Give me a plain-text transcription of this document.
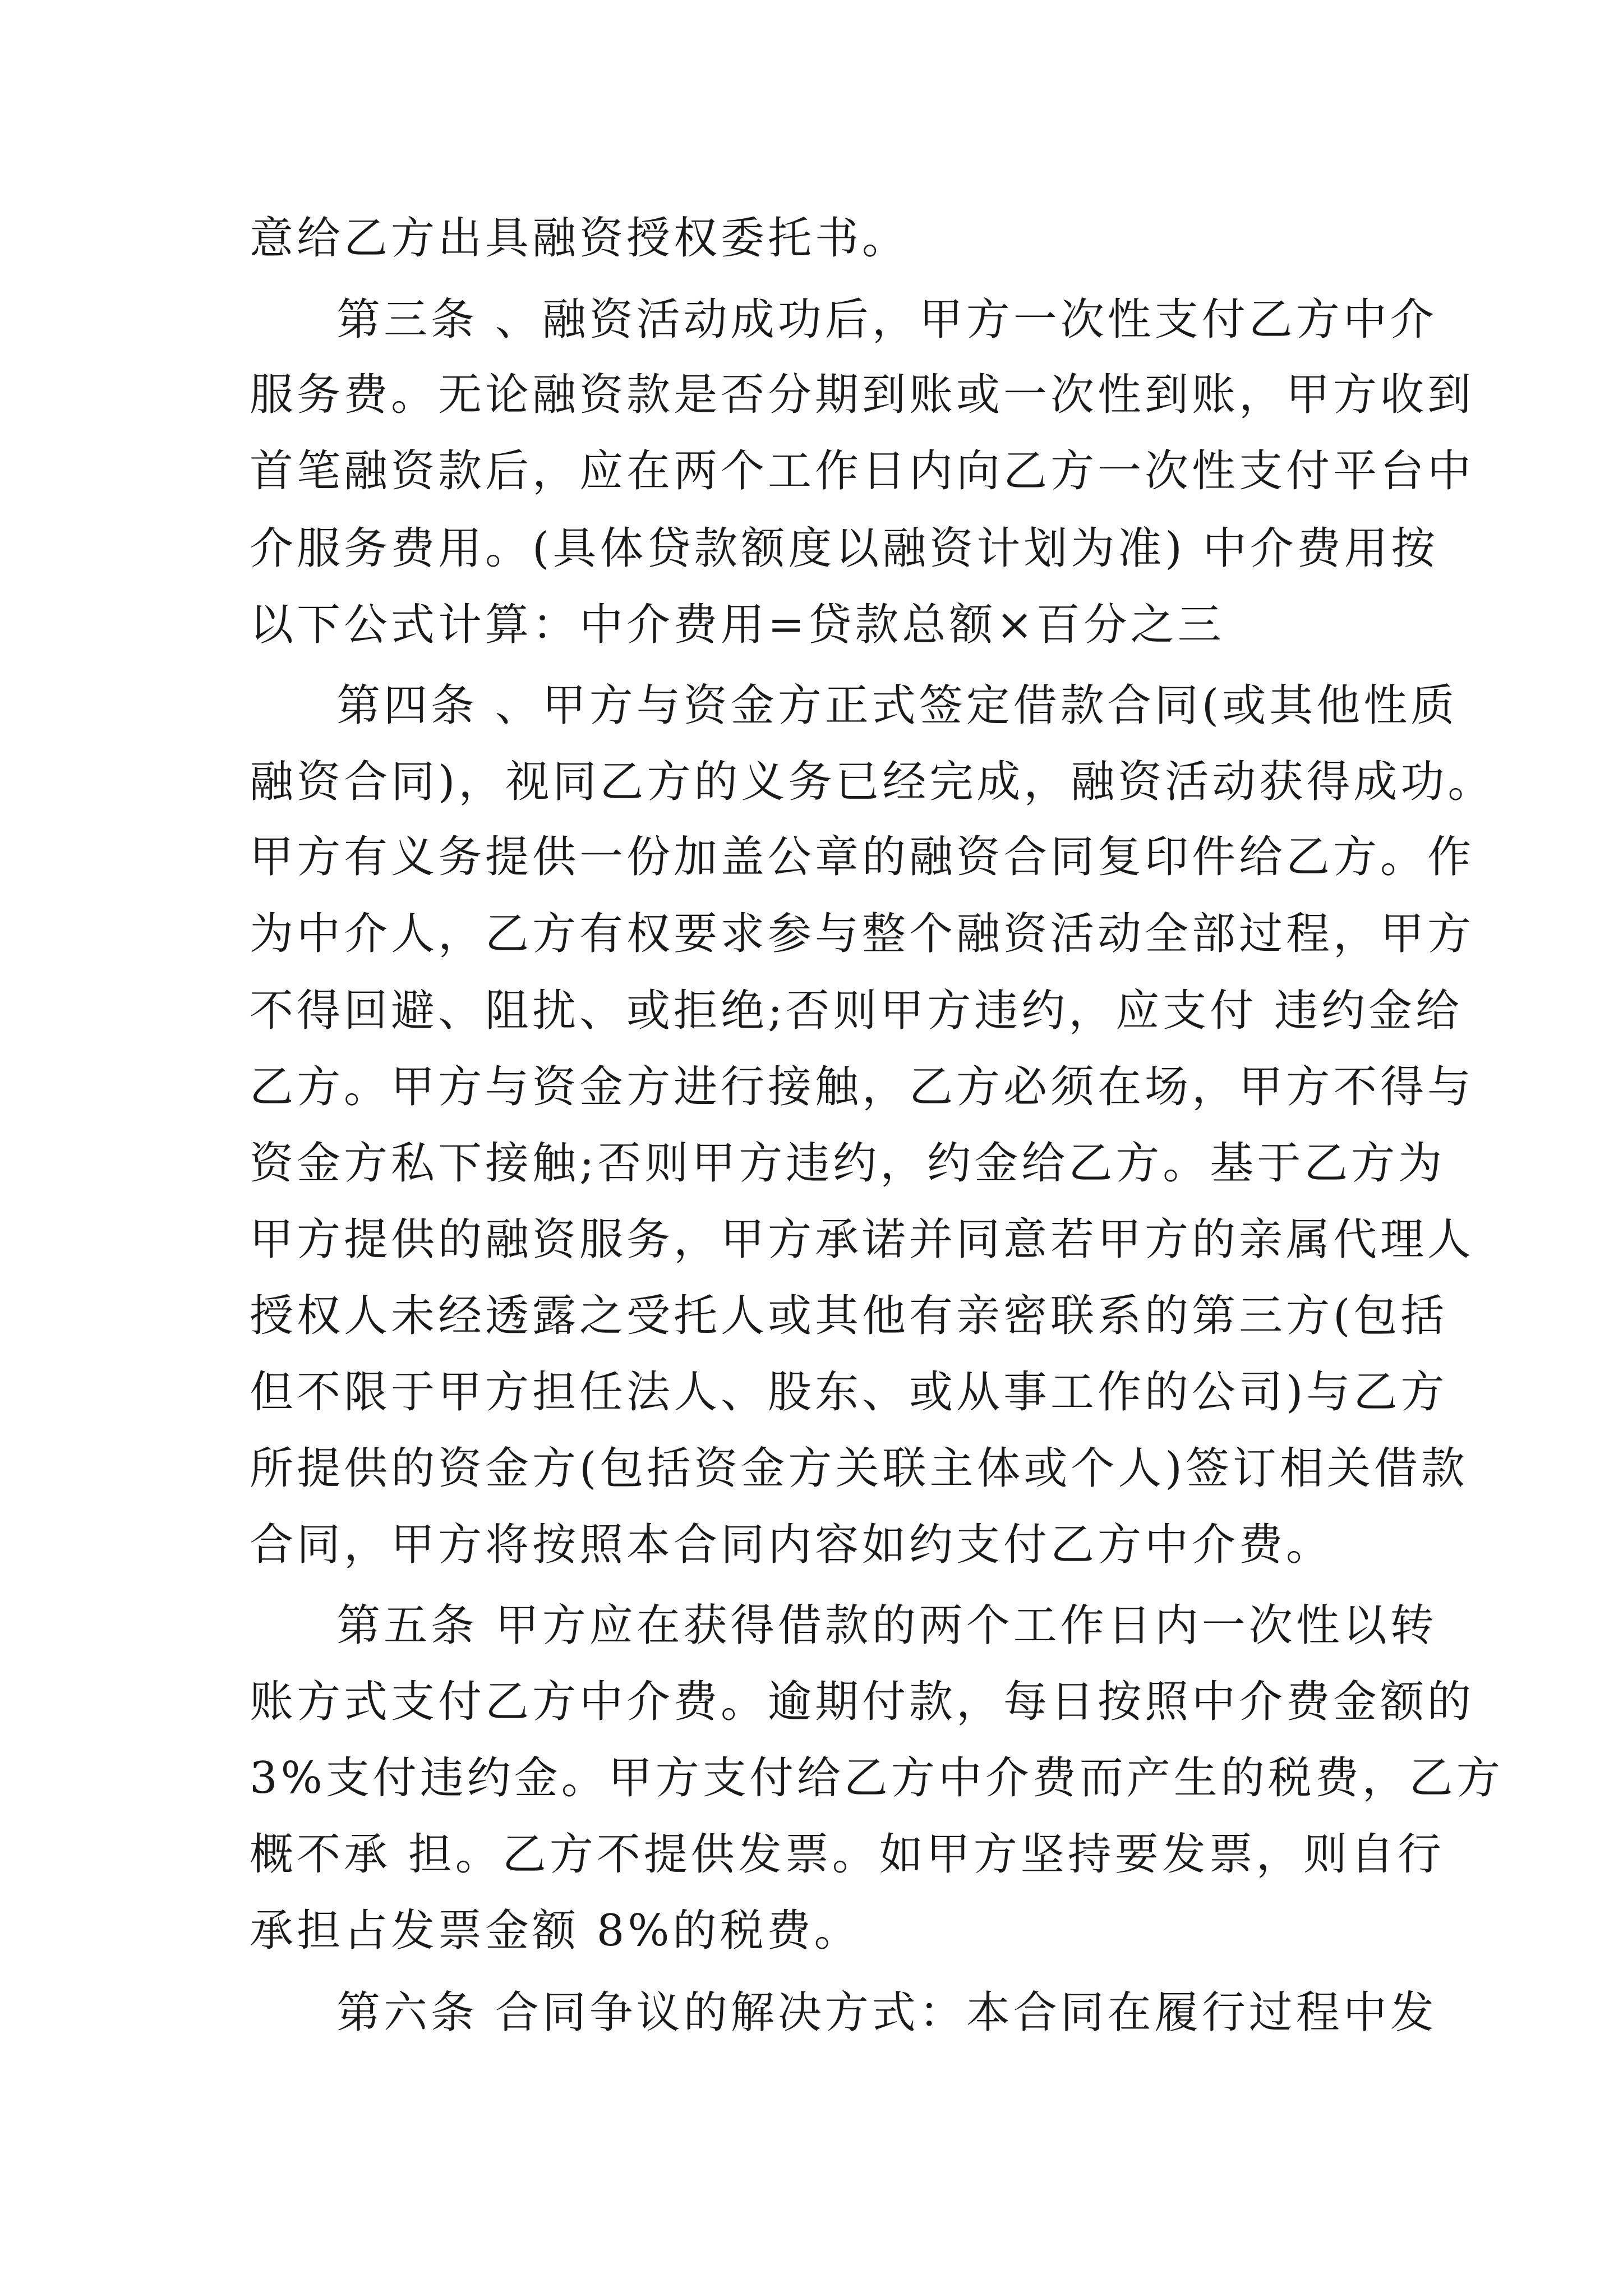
意给乙方出具融资授权委托书。
第三条 、融资活动成功后，甲方一次性支付乙方中介
服务费。无论融资款是否分期到账或一次性到账，甲方收到
首笔融资款后，应在两个工作日内向乙方一次性支付平台中
介服务费用。(具体贷款额度以融资计划为准) 中介费用按
以下公式计算：中介费用=贷款总额×百分之三
第四条 、甲方与资金方正式签定借款合同(或其他性质
融资合同)，视同乙方的义务已经完成，融资活动获得成功。
甲方有义务提供一份加盖公章的融资合同复印件给乙方。作
为中介人，乙方有权要求参与整个融资活动全部过程，甲方
不得回避、阻扰、或拒绝;否则甲方违约，应支付 违约金给
乙方。甲方与资金方进行接触，乙方必须在场，甲方不得与
资金方私下接触;否则甲方违约，约金给乙方。基于乙方为
甲方提供的融资服务，甲方承诺并同意若甲方的亲属代理人
授权人未经透露之受托人或其他有亲密联系的第三方(包括
但不限于甲方担任法人、股东、或从事工作的公司)与乙方
所提供的资金方(包括资金方关联主体或个人)签订相关借款
合同，甲方将按照本合同内容如约支付乙方中介费。
第五条 甲方应在获得借款的两个工作日内一次性以转
账方式支付乙方中介费。逾期付款，每日按照中介费金额的
3%支付违约金。甲方支付给乙方中介费而产生的税费，乙方
概不承 担。乙方不提供发票。如甲方坚持要发票，则自行
承担占发票金额 8%的税费。
第六条 合同争议的解决方式：本合同在履行过程中发
